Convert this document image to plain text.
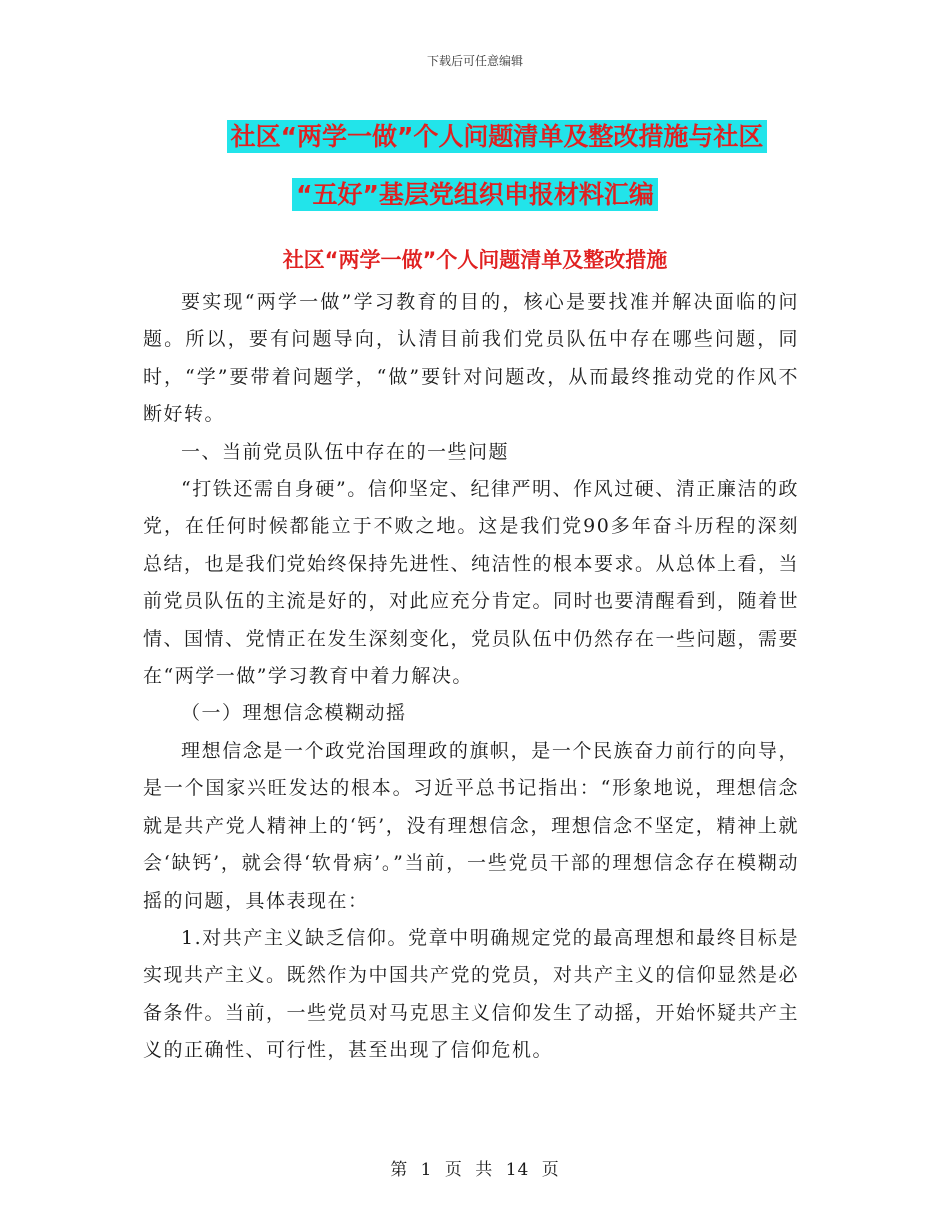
下载后可任意编辑
社区“两学一做”个人问题清单及整改措施与社区
“五好”基层党组织申报材料汇编
社区“两学一做”个人问题清单及整改措施

要实现“两学一做”学习教育的目的，核心是要找准并解决面临的问题。所以，要有问题导向，认清目前我们党员队伍中存在哪些问题，同时，“学”要带着问题学，“做”要针对问题改，从而最终推动党的作风不断好转。

一、当前党员队伍中存在的一些问题

“打铁还需自身硬”。信仰坚定、纪律严明、作风过硬、清正廉洁的政党，在任何时候都能立于不败之地。这是我们党90多年奋斗历程的深刻总结，也是我们党始终保持先进性、纯洁性的根本要求。从总体上看，当前党员队伍的主流是好的，对此应充分肯定。同时也要清醒看到，随着世情、国情、党情正在发生深刻变化，党员队伍中仍然存在一些问题，需要在“两学一做”学习教育中着力解决。

（一）理想信念模糊动摇

理想信念是一个政党治国理政的旗帜，是一个民族奋力前行的向导，是一个国家兴旺发达的根本。习近平总书记指出：“形象地说，理想信念就是共产党人精神上的‘钙’，没有理想信念，理想信念不坚定，精神上就会‘缺钙’，就会得‘软骨病’。”当前，一些党员干部的理想信念存在模糊动摇的问题，具体表现在：

1.对共产主义缺乏信仰。党章中明确规定党的最高理想和最终目标是实现共产主义。既然作为中国共产党的党员，对共产主义的信仰显然是必备条件。当前，一些党员对马克思主义信仰发生了动摇，开始怀疑共产主义的正确性、可行性，甚至出现了信仰危机。

第 1 页 共 14 页
